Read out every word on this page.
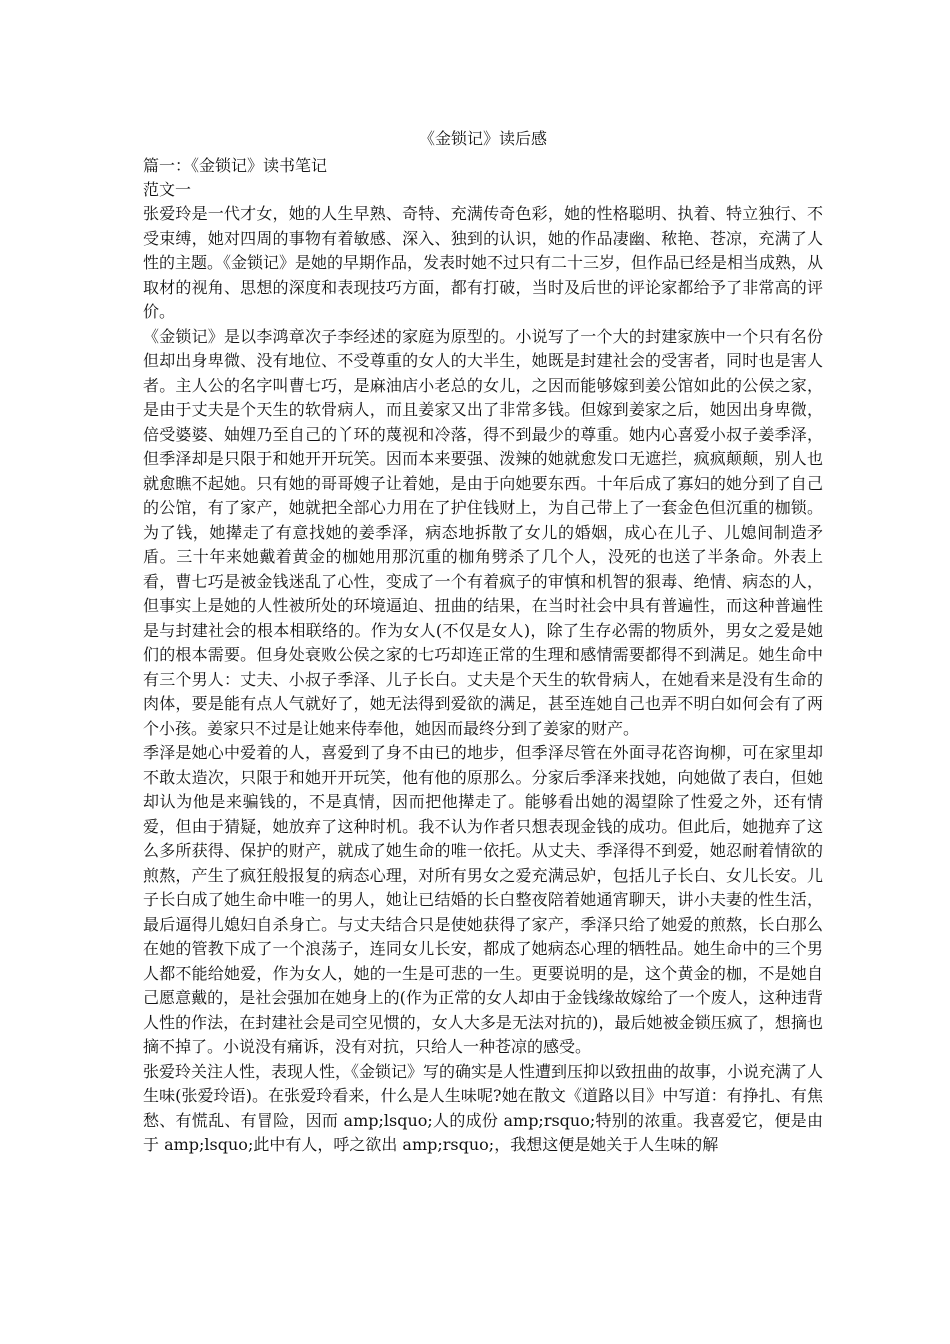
《金锁记》读后感
篇一：《金锁记》读书笔记
范文一

张爱玲是一代才女，她的人生早熟、奇特、充满传奇色彩，她的性格聪明、执着、特立独行、不受束缚，她对四周的事物有着敏感、深入、独到的认识，她的作品凄幽、秾艳、苍凉，充满了人性的主题。《金锁记》是她的早期作品，发表时她不过只有二十三岁，但作品已经是相当成熟，从取材的视角、思想的深度和表现技巧方面，都有打破，当时及后世的评论家都给予了非常高的评价。

《金锁记》是以李鸿章次子李经述的家庭为原型的。小说写了一个大的封建家族中一个只有名份但却出身卑微、没有地位、不受尊重的女人的大半生，她既是封建社会的受害者，同时也是害人者。主人公的名字叫曹七巧，是麻油店小老总的女儿，之因而能够嫁到姜公馆如此的公侯之家，是由于丈夫是个天生的软骨病人，而且姜家又出了非常多钱。但嫁到姜家之后，她因出身卑微，倍受婆婆、妯娌乃至自己的丫环的蔑视和冷落，得不到最少的尊重。她内心喜爱小叔子姜季泽，但季泽却是只限于和她开开玩笑。因而本来要强、泼辣的她就愈发口无遮拦，疯疯颠颠，别人也就愈瞧不起她。只有她的哥哥嫂子让着她，是由于向她要东西。十年后成了寡妇的她分到了自己的公馆，有了家产，她就把全部心力用在了护住钱财上，为自己带上了一套金色但沉重的枷锁。为了钱，她撵走了有意找她的姜季泽，病态地拆散了女儿的婚姻，成心在儿子、儿媳间制造矛盾。三十年来她戴着黄金的枷她用那沉重的枷角劈杀了几个人，没死的也送了半条命。外表上看，曹七巧是被金钱迷乱了心性，变成了一个有着疯子的审慎和机智的狠毒、绝情、病态的人，但事实上是她的人性被所处的环境逼迫、扭曲的结果，在当时社会中具有普遍性，而这种普遍性是与封建社会的根本相联络的。作为女人(不仅是女人)，除了生存必需的物质外，男女之爱是她们的根本需要。但身处衰败公侯之家的七巧却连正常的生理和感情需要都得不到满足。她生命中有三个男人：丈夫、小叔子季泽、儿子长白。丈夫是个天生的软骨病人，在她看来是没有生命的肉体，要是能有点人气就好了，她无法得到爱欲的满足，甚至连她自己也弄不明白如何会有了两个小孩。姜家只不过是让她来侍奉他，她因而最终分到了姜家的财产。

季泽是她心中爱着的人，喜爱到了身不由已的地步，但季泽尽管在外面寻花咨询柳，可在家里却不敢太造次，只限于和她开开玩笑，他有他的原那么。分家后季泽来找她，向她做了表白，但她却认为他是来骗钱的，不是真情，因而把他撵走了。能够看出她的渴望除了性爱之外，还有情爱，但由于猜疑，她放弃了这种时机。我不认为作者只想表现金钱的成功。但此后，她抛弃了这么多所获得、保护的财产，就成了她生命的唯一依托。从丈夫、季泽得不到爱，她忍耐着情欲的煎熬，产生了疯狂般报复的病态心理，对所有男女之爱充满忌妒，包括儿子长白、女儿长安。儿子长白成了她生命中唯一的男人，她让已结婚的长白整夜陪着她通宵聊天，讲小夫妻的性生活，最后逼得儿媳妇自杀身亡。与丈夫结合只是使她获得了家产，季泽只给了她爱的煎熬，长白那么在她的管教下成了一个浪荡子，连同女儿长安，都成了她病态心理的牺牲品。她生命中的三个男人都不能给她爱，作为女人，她的一生是可悲的一生。更要说明的是，这个黄金的枷，不是她自己愿意戴的，是社会强加在她身上的(作为正常的女人却由于金钱缘故嫁给了一个废人，这种违背人性的作法，在封建社会是司空见惯的，女人大多是无法对抗的)，最后她被金锁压疯了，想摘也摘不掉了。小说没有痛诉，没有对抗，只给人一种苍凉的感受。

张爱玲关注人性，表现人性，《金锁记》写的确实是人性遭到压抑以致扭曲的故事，小说充满了人生味(张爱玲语)。在张爱玲看来，什么是人生味呢?她在散文《道路以目》中写道：有挣扎、有焦愁、有慌乱、有冒险，因而 amp;lsquo;人的成份 amp;rsquo;特别的浓重。我喜爱它，便是由于 amp;lsquo;此中有人，呼之欲出 amp;rsquo;，我想这便是她关于人生味的解
